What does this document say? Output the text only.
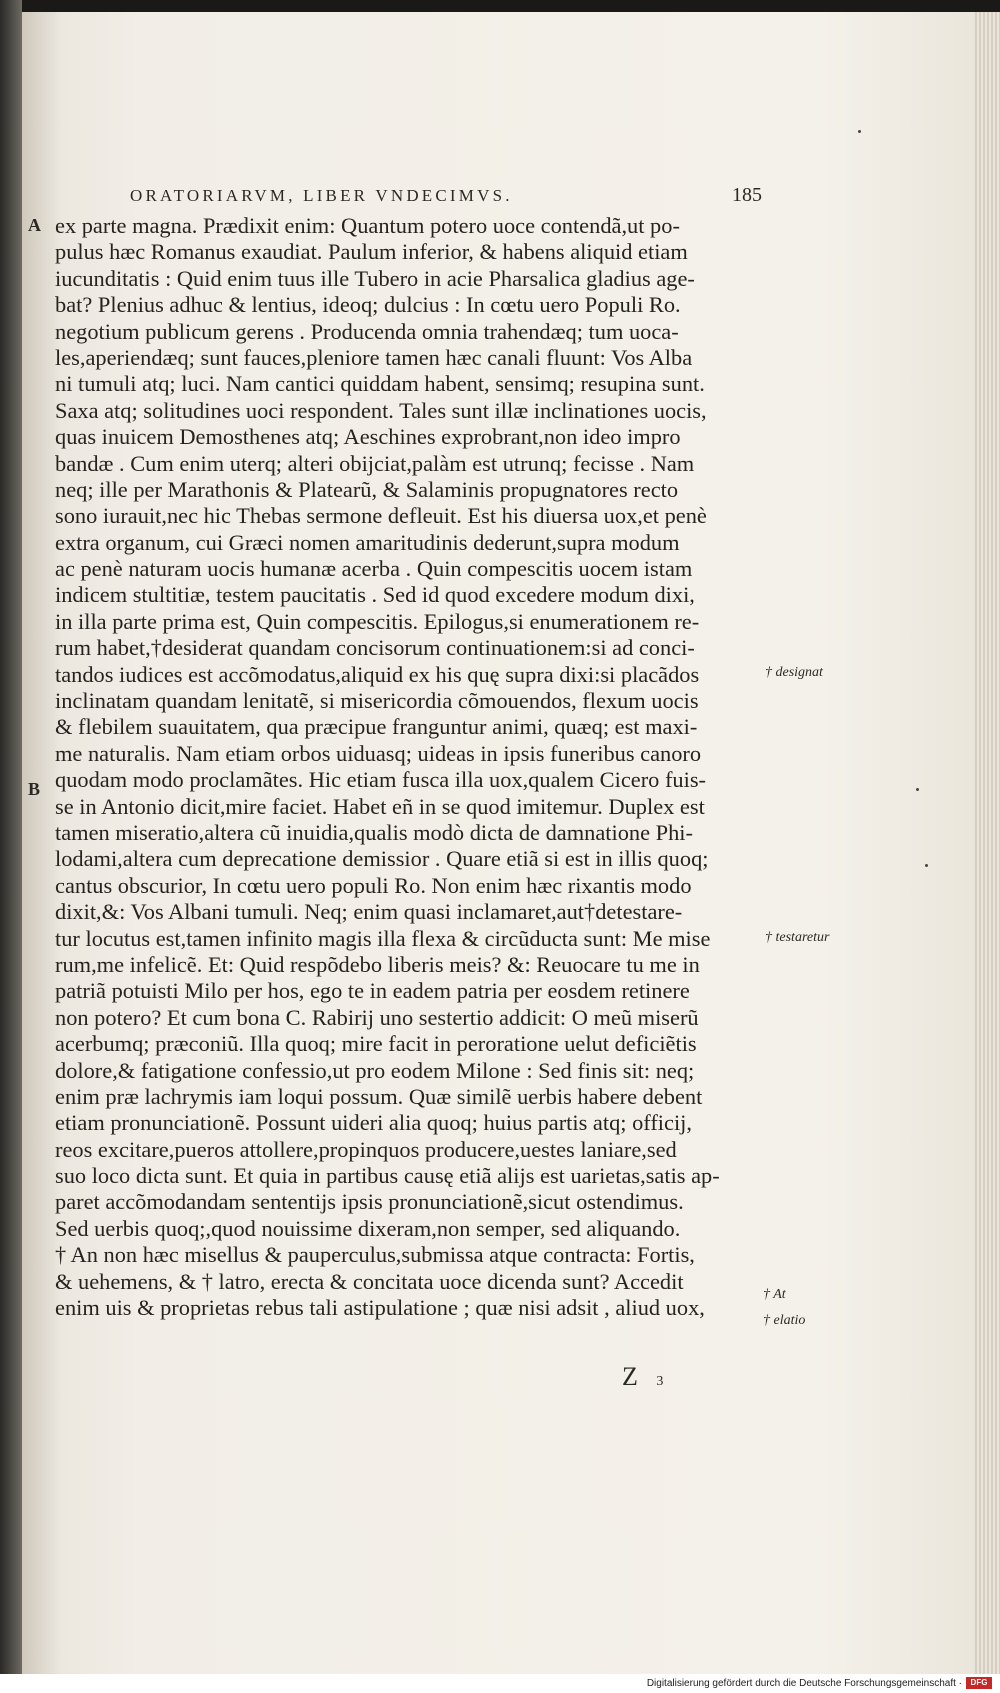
ORATORIARVM, LIBER VNDECIMVS.	185
A
B
† designat
† testaretur
† At
† elatio
ex parte magna. Prædixit enim: Quantum potero uoce contendã,ut po-
pulus hæc Romanus exaudiat. Paulum inferior, & habens aliquid etiam
iucunditatis : Quid enim tuus ille Tubero in acie Pharsalica gladius age-
bat? Plenius adhuc & lentius, ideoq; dulcius : In cœtu uero Populi Ro.
negotium publicum gerens . Producenda omnia trahendæq; tum uoca-
les,aperiendæq; sunt fauces,pleniore tamen hæc canali fluunt: Vos Alba
ni tumuli atq; luci. Nam cantici quiddam habent, sensimq; resupina sunt.
Saxa atq; solitudines uoci respondent. Tales sunt illæ inclinationes uocis,
quas inuicem Demosthenes atq; Aeschines exprobrant,non ideo impro
bandæ . Cum enim uterq; alteri obijciat,palàm est utrunq; fecisse . Nam
neq; ille per Marathonis & Platearũ, & Salaminis propugnatores recto
sono iurauit,nec hic Thebas sermone defleuit. Est his diuersa uox,et penè
extra organum, cui Græci nomen amaritudinis dederunt,supra modum
ac penè naturam uocis humanæ acerba . Quin compescitis uocem istam
indicem stultitiæ, testem paucitatis . Sed id quod excedere modum dixi,
in illa parte prima est, Quin compescitis. Epilogus,si enumerationem re-
rum habet,†desiderat quandam concisorum continuationem:si ad conci-
tandos iudices est accõmodatus,aliquid ex his quę supra dixi:si placãdos
inclinatam quandam lenitatẽ, si misericordia cõmouendos, flexum uocis
& flebilem suauitatem, qua præcipue franguntur animi, quæq; est maxi-
me naturalis. Nam etiam orbos uiduasq; uideas in ipsis funeribus canoro
quodam modo proclamãtes. Hic etiam fusca illa uox,qualem Cicero fuis-
se in Antonio dicit,mire faciet. Habet eñ in se quod imitemur. Duplex est
tamen miseratio,altera cũ inuidia,qualis modò dicta de damnatione Phi-
lodami,altera cum deprecatione demissior . Quare etiã si est in illis quoq;
cantus obscurior, In cœtu uero populi Ro. Non enim hæc rixantis modo
dixit,&: Vos Albani tumuli. Neq; enim quasi inclamaret,aut†detestare-
tur locutus est,tamen infinito magis illa flexa & circũducta sunt: Me mise
rum,me infelicẽ. Et: Quid respõdebo liberis meis? &: Reuocare tu me in
patriã potuisti Milo per hos, ego te in eadem patria per eosdem retinere
non potero? Et cum bona C. Rabirij uno sestertio addicit: O meũ miserũ
acerbumq; præconiũ. Illa quoq; mire facit in peroratione uelut deficiẽtis
dolore,& fatigatione confessio,ut pro eodem Milone : Sed finis sit: neq;
enim præ lachrymis iam loqui possum. Quæ similẽ uerbis habere debent
etiam pronunciationẽ. Possunt uideri alia quoq; huius partis atq; officij,
reos excitare,pueros attollere,propinquos producere,uestes laniare,sed
suo loco dicta sunt. Et quia in partibus causę etiã alijs est uarietas,satis ap-
paret accõmodandam sententijs ipsis pronunciationẽ,sicut ostendimus.
Sed uerbis quoq;,quod nouissime dixeram,non semper, sed aliquando.
† An non hæc misellus & pauperculus,submissa atque contracta: Fortis,
& uehemens, & † latro, erecta & concitata uoce dicenda sunt? Accedit
enim uis & proprietas rebus tali astipulatione ; quæ nisi adsit , aliud uox,
Z 3
Digitalisierung gefördert durch die Deutsche Forschungsgemeinschaft ·	DFG
